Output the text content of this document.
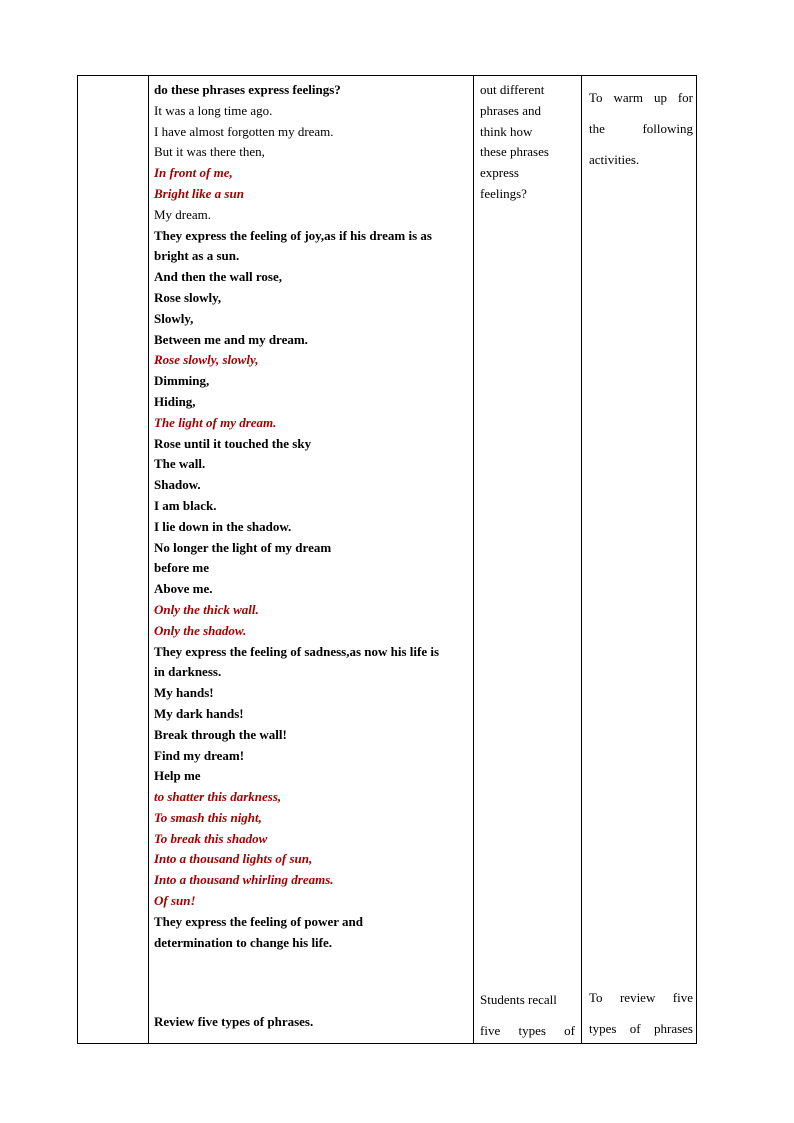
do these phrases express feelings?
It was a long time ago.
I have almost forgotten my dream.
But it was there then,
In front of me,
Bright like a sun
My dream.
They express the feeling of joy,as if his dream is as
bright as a sun.
And then the wall rose,
Rose slowly,
Slowly,
Between me and my dream.
Rose slowly, slowly,
Dimming,
Hiding,
The light of my dream.
Rose until it touched the sky
The wall.
Shadow.
I am black.
I lie down in the shadow.
No longer the light of my dream
before me
Above me.
Only the thick wall.
Only the shadow.
They express the feeling of sadness,as now his life is
in darkness.
My hands!
My dark hands!
Break through the wall!
Find my dream!
Help me
to shatter this darkness,
To smash this night,
To break this shadow
Into a thousand lights of sun,
Into a thousand whirling dreams.
Of sun!
They express the feeling of power and
determination to change his life.
out different
phrases and
think how
these phrases
express
feelings?
To warm up for
the	following
activities.
Review five types of phrases.
Students recall
five types of
To review five
types of phrases
